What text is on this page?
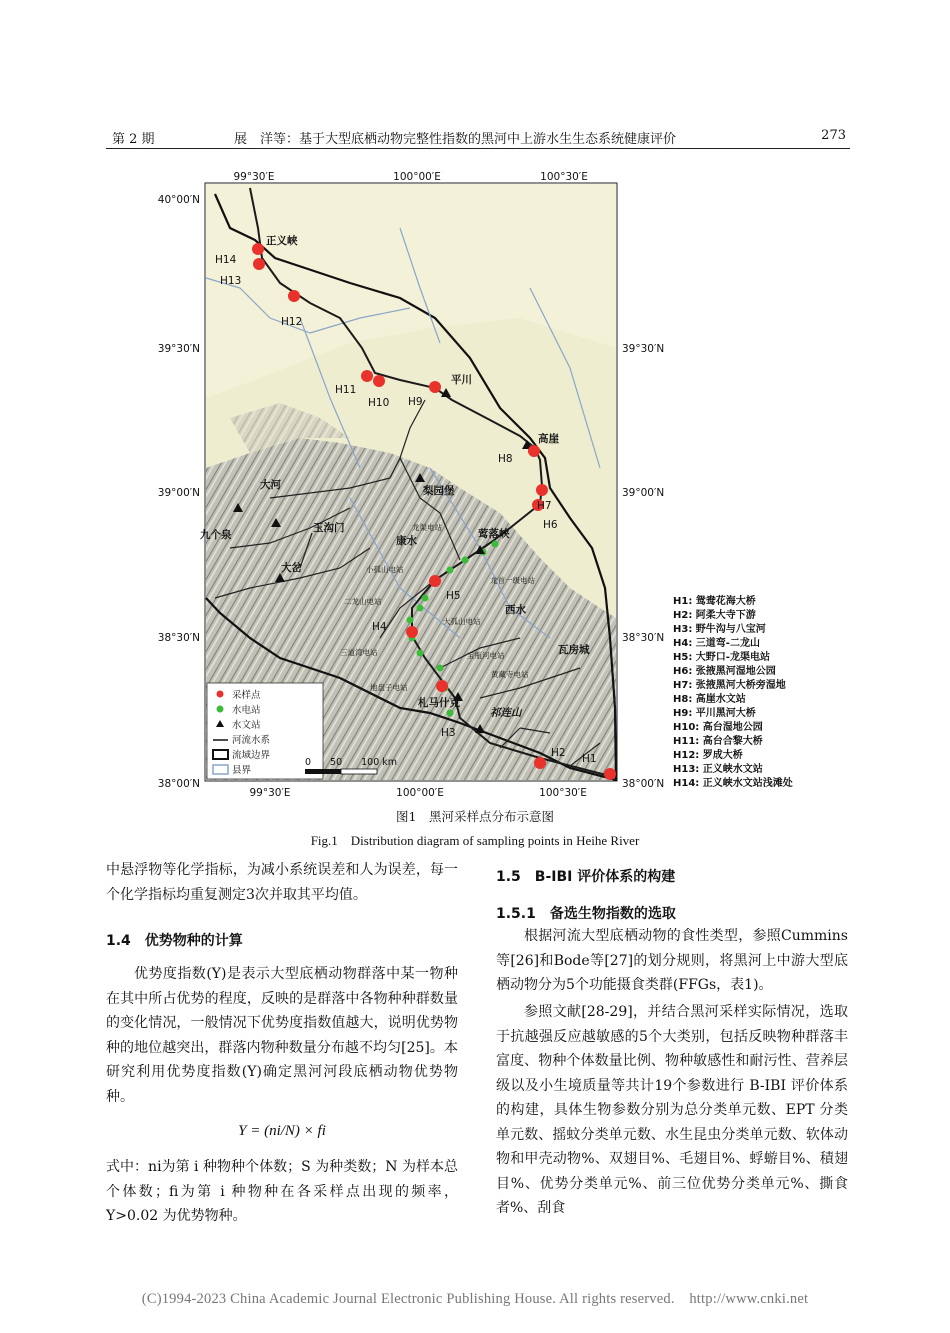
第 2 期	展　洋等：基于大型底栖动物完整性指数的黑河中上游水生生态系统健康评价	273
99°30′E	100°00′E	100°30′E
99°30′E	100°00′E	100°30′E
40°00′N
39°30′N
39°00′N
38°30′N
38°00′N
39°30′N
39°00′N
38°30′N
38°00′N
H1
H2
H3
H4
H5
H6
H7
H8
H9
H10
H11
H12
H13
H14
正义峡
平川
高崖
梨园堡
大河
九个泉
玉沟门
康水
大岔
莺落峡
西水
瓦房城
祁连山
札马什克
龙渠电站
小孤山电站
龙首一级电站
二龙山电站
大孤山电站
三道湾电站	宝瓶河电站
黄藏寺电站
地盘子电站
采样点
水电站
水文站
河流水系
流域边界
县界
0　　50　　100 km
H1: 鸳鸯花海大桥
H2: 阿柔大寺下游
H3: 野牛沟与八宝河
H4: 三道弯-二龙山
H5: 大野口-龙渠电站
H6: 张掖黑河湿地公园
H7: 张掖黑河大桥旁湿地
H8: 高崖水文站
H9: 平川黑河大桥
H10: 高台湿地公园
H11: 高台合黎大桥
H12: 罗成大桥
H13: 正义峡水文站
H14: 正义峡水文站浅滩处
图1　黑河采样点分布示意图
Fig.1　Distribution diagram of sampling points in Heihe River
中悬浮物等化学指标，为减小系统误差和人为误差，每一个化学指标均重复测定3次并取其平均值。
1.4　优势物种的计算
优势度指数(Y)是表示大型底栖动物群落中某一物种在其中所占优势的程度，反映的是群落中各物种种群数量的变化情况，一般情况下优势度指数值越大，说明优势物种的地位越突出，群落内物种数量分布越不均匀[25]。本研究利用优势度指数(Y)确定黑河河段底栖动物优势物种。
Y = (ni/N) × fi
式中：ni为第 i 种物种个体数；S 为种类数；N 为样本总个体数；fi为第 i 种物种在各采样点出现的频率，Y>0.02 为优势物种。
1.5　B-IBI 评价体系的构建
1.5.1　备选生物指数的选取
根据河流大型底栖动物的食性类型，参照Cummins等[26]和Bode等[27]的划分规则，将黑河上中游大型底栖动物分为5个功能摄食类群(FFGs，表1)。
参照文献[28-29]，并结合黑河采样实际情况，选取于抗越强反应越敏感的5个大类别，包括反映物种群落丰富度、物种个体数量比例、物种敏感性和耐污性、营养层级以及小生境质量等共计19个参数进行 B-IBI 评价体系的构建，具体生物参数分别为总分类单元数、EPT 分类单元数、摇蚊分类单元数、水生昆虫分类单元数、软体动物和甲壳动物%、双翅目%、毛翅目%、蜉蝣目%、積翅目%、优势分类单元%、前三位优势分类单元%、撕食者%、刮食
(C)1994-2023 China Academic Journal Electronic Publishing House. All rights reserved.　http://www.cnki.net
